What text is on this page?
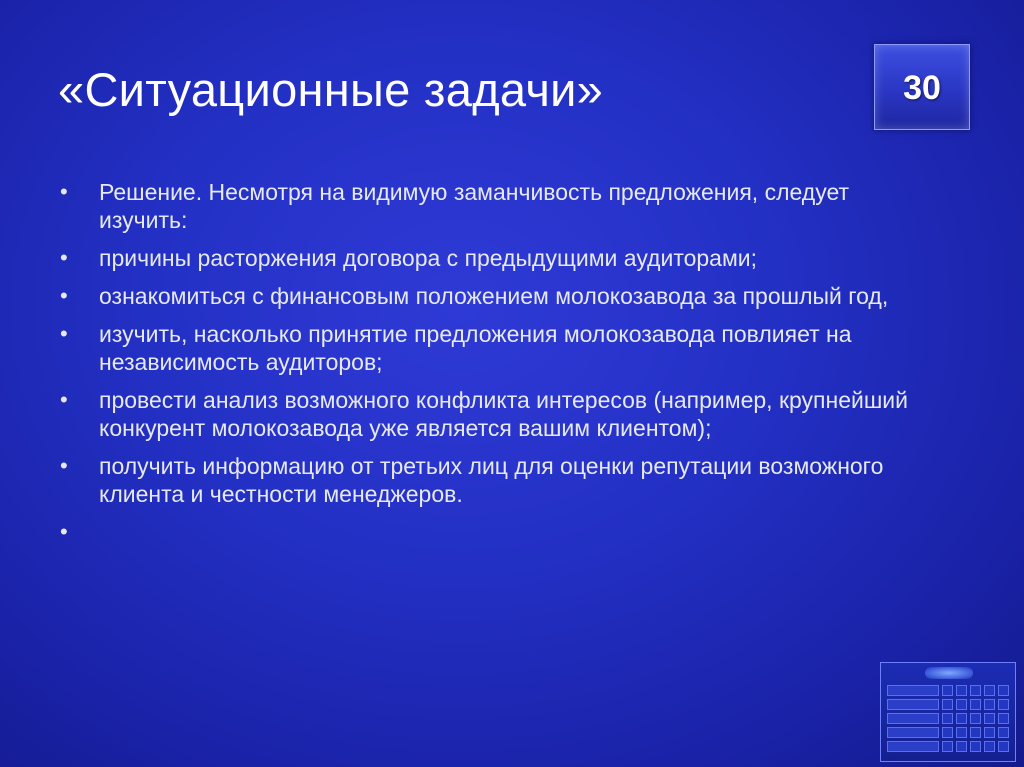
«Ситуационные задачи»	30
• Решение. Несмотря на видимую заманчивость предложения, следует изучить:
• причины расторжения договора с предыдущими аудиторами;
• ознакомиться с финансовым положением молокозавода за прошлый год,
• изучить, насколько принятие предложения молокозавода повлияет на независимость аудиторов;
• провести анализ возможного конфликта интересов (например, крупнейший конкурент молокозавода уже является вашим клиентом);
• получить информацию от третьих лиц для оценки репутации возможного клиента и честности менеджеров.
•
